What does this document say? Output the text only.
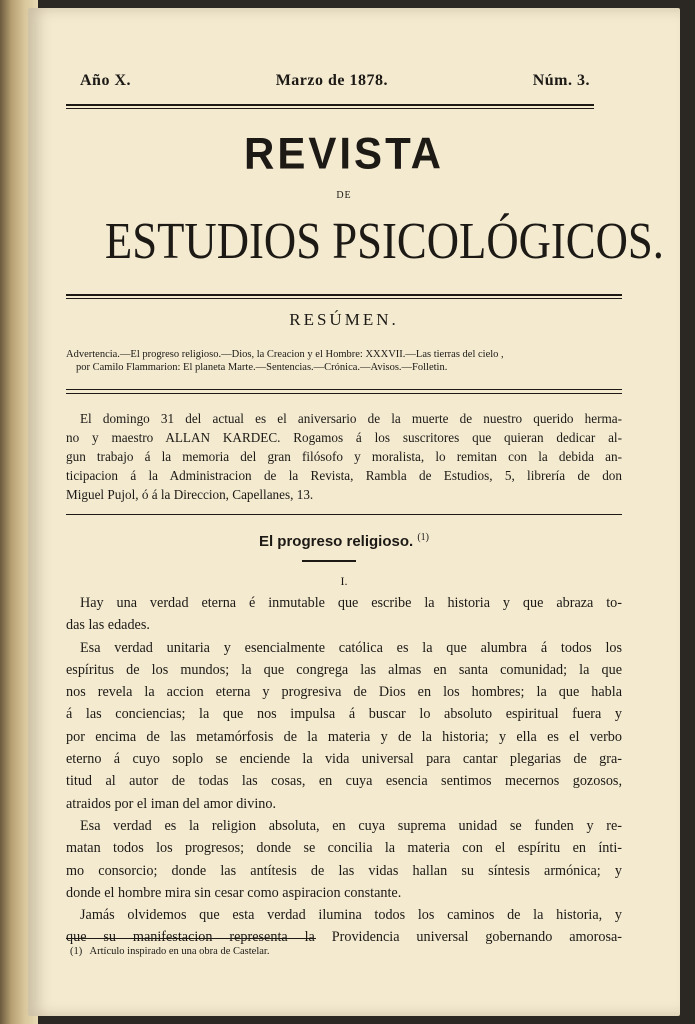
Año X.	Marzo de 1878.	Núm. 3.
REVISTA
DE
ESTUDIOS PSICOLÓGICOS.
RESÚMEN.
Advertencia.—El progreso religioso.—Dios, la Creacion y el Hombre: XXXVII.—Las tierras del cielo ,
por Camilo Flammarion: El planeta Marte.—Sentencias.—Crónica.—Avisos.—Folletin.
El domingo 31 del actual es el aniversario de la muerte de nuestro querido herma-
no y maestro ALLAN KARDEC. Rogamos á los suscritores que quieran dedicar al-
gun trabajo á la memoria del gran filósofo y moralista, lo remitan con la debida an-
ticipacion á la Administracion de la Revista, Rambla de Estudios, 5, librería de don
Miguel Pujol, ó á la Direccion, Capellanes, 13.
El progreso religioso. $^{(1)}$
I.
Hay una verdad eterna é inmutable que escribe la historia y que abraza to-
das las edades.
Esa verdad unitaria y esencialmente católica es la que alumbra á todos los
espíritus de los mundos; la que congrega las almas en santa comunidad; la que
nos revela la accion eterna y progresiva de Dios en los hombres; la que habla
á las conciencias; la que nos impulsa á buscar lo absoluto espiritual fuera y
por encima de las metamórfosis de la materia y de la historia; y ella es el verbo
eterno á cuyo soplo se enciende la vida universal para cantar plegarias de gra-
titud al autor de todas las cosas, en cuya esencia sentimos mecernos gozosos,
atraidos por el iman del amor divino.
Esa verdad es la religion absoluta, en cuya suprema unidad se funden y re-
matan todos los progresos; donde se concilia la materia con el espíritu en ínti-
mo consorcio; donde las antítesis de las vidas hallan su síntesis armónica; y
donde el hombre mira sin cesar como aspiracion constante.
Jamás olvidemos que esta verdad ilumina todos los caminos de la historia, y
que su manifestacion representa la Providencia universal gobernando amorosa-
(1) Artículo inspirado en una obra de Castelar.
